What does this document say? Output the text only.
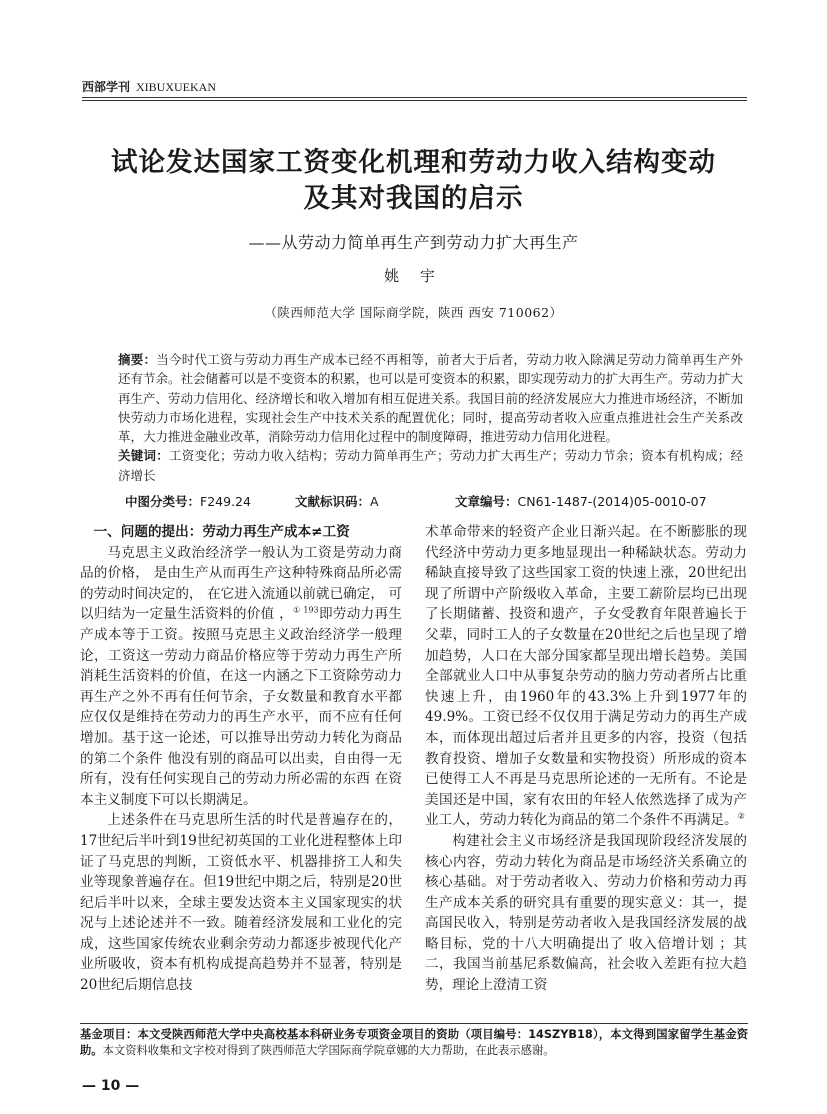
西部学刊 XIBUXUEKAN
试论发达国家工资变化机理和劳动力收入结构变动
及其对我国的启示
——从劳动力简单再生产到劳动力扩大再生产
姚 宇
（陕西师范大学 国际商学院，陕西 西安 710062）

摘要：当今时代工资与劳动力再生产成本已经不再相等，前者大于后者，劳动力收入除满足劳动力简单再生产外还有节余。社会储蓄可以是不变资本的积累，也可以是可变资本的积累，即实现劳动力的扩大再生产。劳动力扩大再生产、劳动力信用化、经济增长和收入增加有相互促进关系。我国目前的经济发展应大力推进市场经济，不断加快劳动力市场化进程，实现社会生产中技术关系的配置优化；同时，提高劳动者收入应重点推进社会生产关系改革，大力推进金融业改革，消除劳动力信用化过程中的制度障碍，推进劳动力信用化进程。

关键词：工资变化；劳动力收入结构；劳动力简单再生产；劳动力扩大再生产；劳动力节余；资本有机构成；经济增长

中图分类号：F249.24	文献标识码：A	文章编号：CN61-1487-(2014)05-0010-07
一、问题的提出：劳动力再生产成本≠工资

马克思主义政治经济学一般认为工资是劳动力商品的价格， 是由生产从而再生产这种特殊商品所必需的劳动时间决定的， 在它进入流通以前就已确定， 可以归结为一定量生活资料的价值 ，$^{① 193}$即劳动力再生产成本等于工资。按照马克思主义政治经济学一般理论，工资这一劳动力商品价格应等于劳动力再生产所消耗生活资料的价值，在这一内涵之下工资除劳动力再生产之外不再有任何节余，子女数量和教育水平都应仅仅是维持在劳动力的再生产水平，而不应有任何增加。基于这一论述，可以推导出劳动力转化为商品的第二个条件 他没有别的商品可以出卖，自由得一无所有，没有任何实现自己的劳动力所必需的东西 在资本主义制度下可以长期满足。

上述条件在马克思所生活的时代是普遍存在的，17世纪后半叶到19世纪初英国的工业化进程整体上印证了马克思的判断，工资低水平、机器排挤工人和失业等现象普遍存在。但19世纪中期之后，特别是20世纪后半叶以来，全球主要发达资本主义国家现实的状况与上述论述并不一致。随着经济发展和工业化的完成，这些国家传统农业剩余劳动力都逐步被现代化产业所吸收，资本有机构成提高趋势并不显著，特别是20世纪后期信息技

术革命带来的轻资产企业日渐兴起。在不断膨胀的现代经济中劳动力更多地显现出一种稀缺状态。劳动力稀缺直接导致了这些国家工资的快速上涨，20世纪出现了所谓中产阶级收入革命，主要工薪阶层均已出现了长期储蓄、投资和遗产，子女受教育年限普遍长于父辈，同时工人的子女数量在20世纪之后也呈现了增加趋势，人口在大部分国家都呈现出增长趋势。美国全部就业人口中从事复杂劳动的脑力劳动者所占比重快速上升，由1960年的43.3%上升到1977年的49.9%。工资已经不仅仅用于满足劳动力的再生产成本，而体现出超过后者并且更多的内容，投资（包括教育投资、增加子女数量和实物投资）所形成的资本已使得工人不再是马克思所论述的一无所有。不论是美国还是中国，家有农田的年轻人依然选择了成为产业工人，劳动力转化为商品的第二个条件不再满足。②

构建社会主义市场经济是我国现阶段经济发展的核心内容，劳动力转化为商品是市场经济关系确立的核心基础。对于劳动者收入、劳动力价格和劳动力再生产成本关系的研究具有重要的现实意义：其一，提高国民收入，特别是劳动者收入是我国经济发展的战略目标，党的十八大明确提出了 收入倍增计划 ；其二，我国当前基尼系数偏高，社会收入差距有拉大趋势，理论上澄清工资

基金项目：本文受陕西师范大学中央高校基本科研业务专项资金项目的资助（项目编号：14SZYB18），本文得到国家留学生基金资助。本文资料收集和文字校对得到了陕西师范大学国际商学院章娜的大力帮助，在此表示感谢。
— 10 —
